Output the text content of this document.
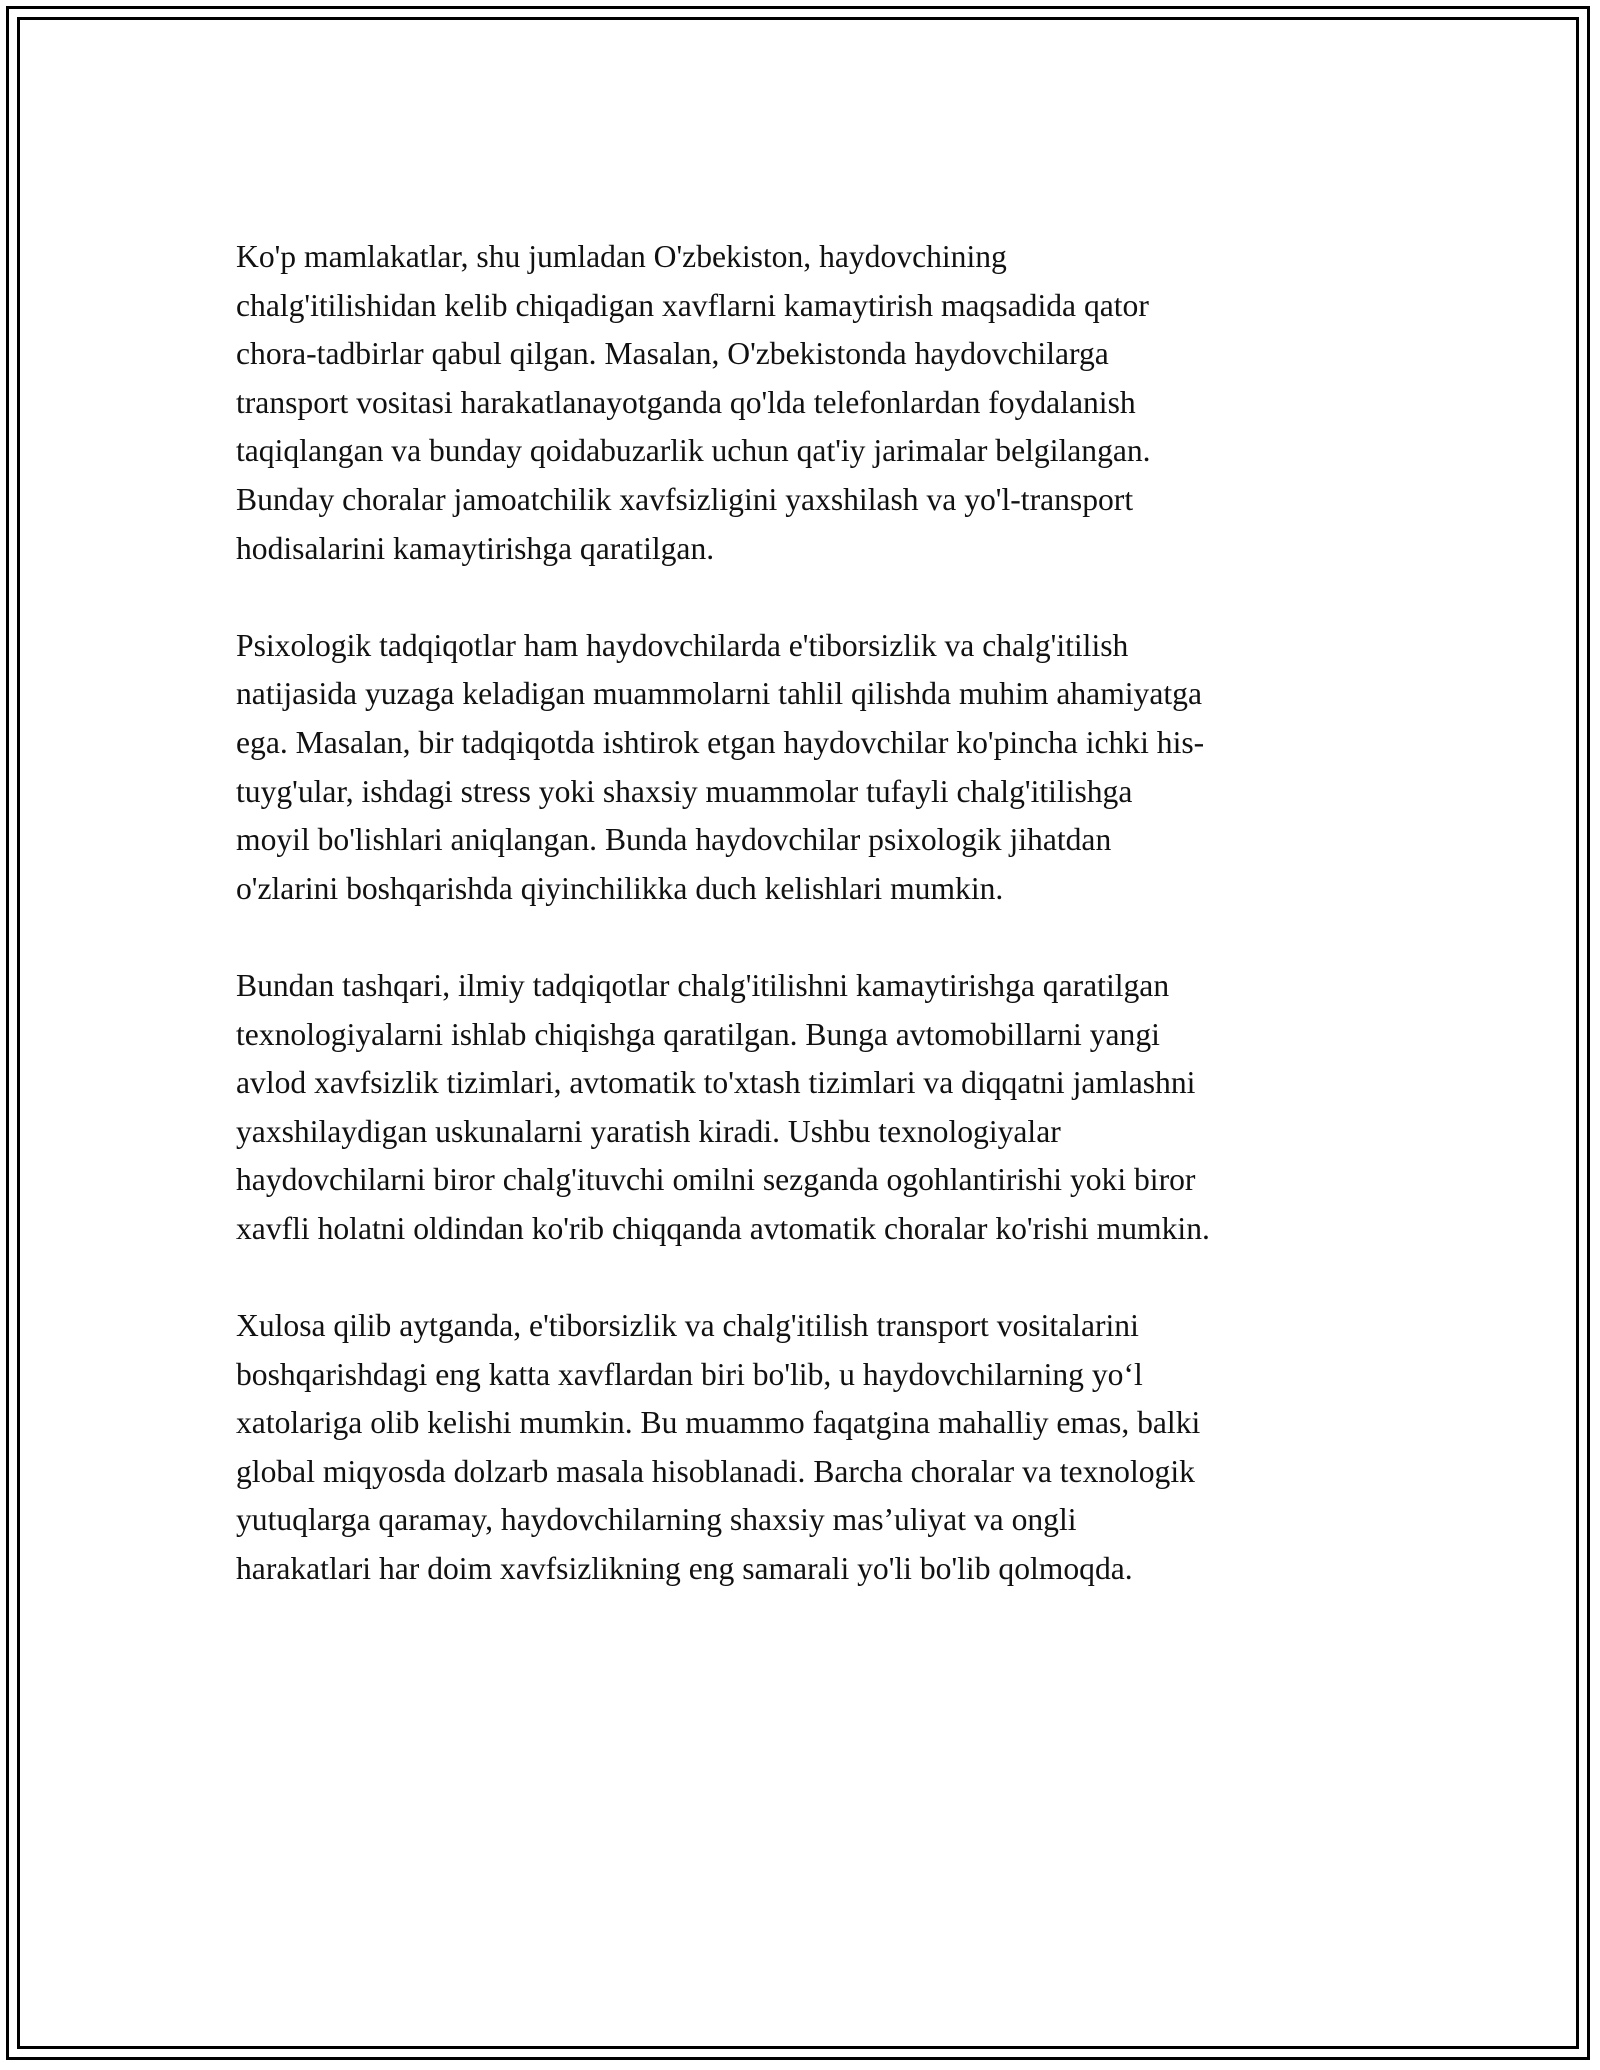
Ko'p mamlakatlar, shu jumladan O'zbekiston, haydovchining
chalg'itilishidan kelib chiqadigan xavflarni kamaytirish maqsadida qator
chora-tadbirlar qabul qilgan. Masalan, O'zbekistonda haydovchilarga
transport vositasi harakatlanayotganda qo'lda telefonlardan foydalanish
taqiqlangan va bunday qoidabuzarlik uchun qat'iy jarimalar belgilangan.
Bunday choralar jamoatchilik xavfsizligini yaxshilash va yo'l-transport
hodisalarini kamaytirishga qaratilgan.

Psixologik tadqiqotlar ham haydovchilarda e'tiborsizlik va chalg'itilish
natijasida yuzaga keladigan muammolarni tahlil qilishda muhim ahamiyatga
ega. Masalan, bir tadqiqotda ishtirok etgan haydovchilar ko'pincha ichki his-
tuyg'ular, ishdagi stress yoki shaxsiy muammolar tufayli chalg'itilishga
moyil bo'lishlari aniqlangan. Bunda haydovchilar psixologik jihatdan
o'zlarini boshqarishda qiyinchilikka duch kelishlari mumkin.

Bundan tashqari, ilmiy tadqiqotlar chalg'itilishni kamaytirishga qaratilgan
texnologiyalarni ishlab chiqishga qaratilgan. Bunga avtomobillarni yangi
avlod xavfsizlik tizimlari, avtomatik to'xtash tizimlari va diqqatni jamlashni
yaxshilaydigan uskunalarni yaratish kiradi. Ushbu texnologiyalar
haydovchilarni biror chalg'ituvchi omilni sezganda ogohlantirishi yoki biror
xavfli holatni oldindan ko'rib chiqqanda avtomatik choralar ko'rishi mumkin.

Xulosa qilib aytganda, e'tiborsizlik va chalg'itilish transport vositalarini
boshqarishdagi eng katta xavflardan biri bo'lib, u haydovchilarning yo‘l
xatolariga olib kelishi mumkin. Bu muammo faqatgina mahalliy emas, balki
global miqyosda dolzarb masala hisoblanadi. Barcha choralar va texnologik
yutuqlarga qaramay, haydovchilarning shaxsiy mas’uliyat va ongli
harakatlari har doim xavfsizlikning eng samarali yo'li bo'lib qolmoqda.
